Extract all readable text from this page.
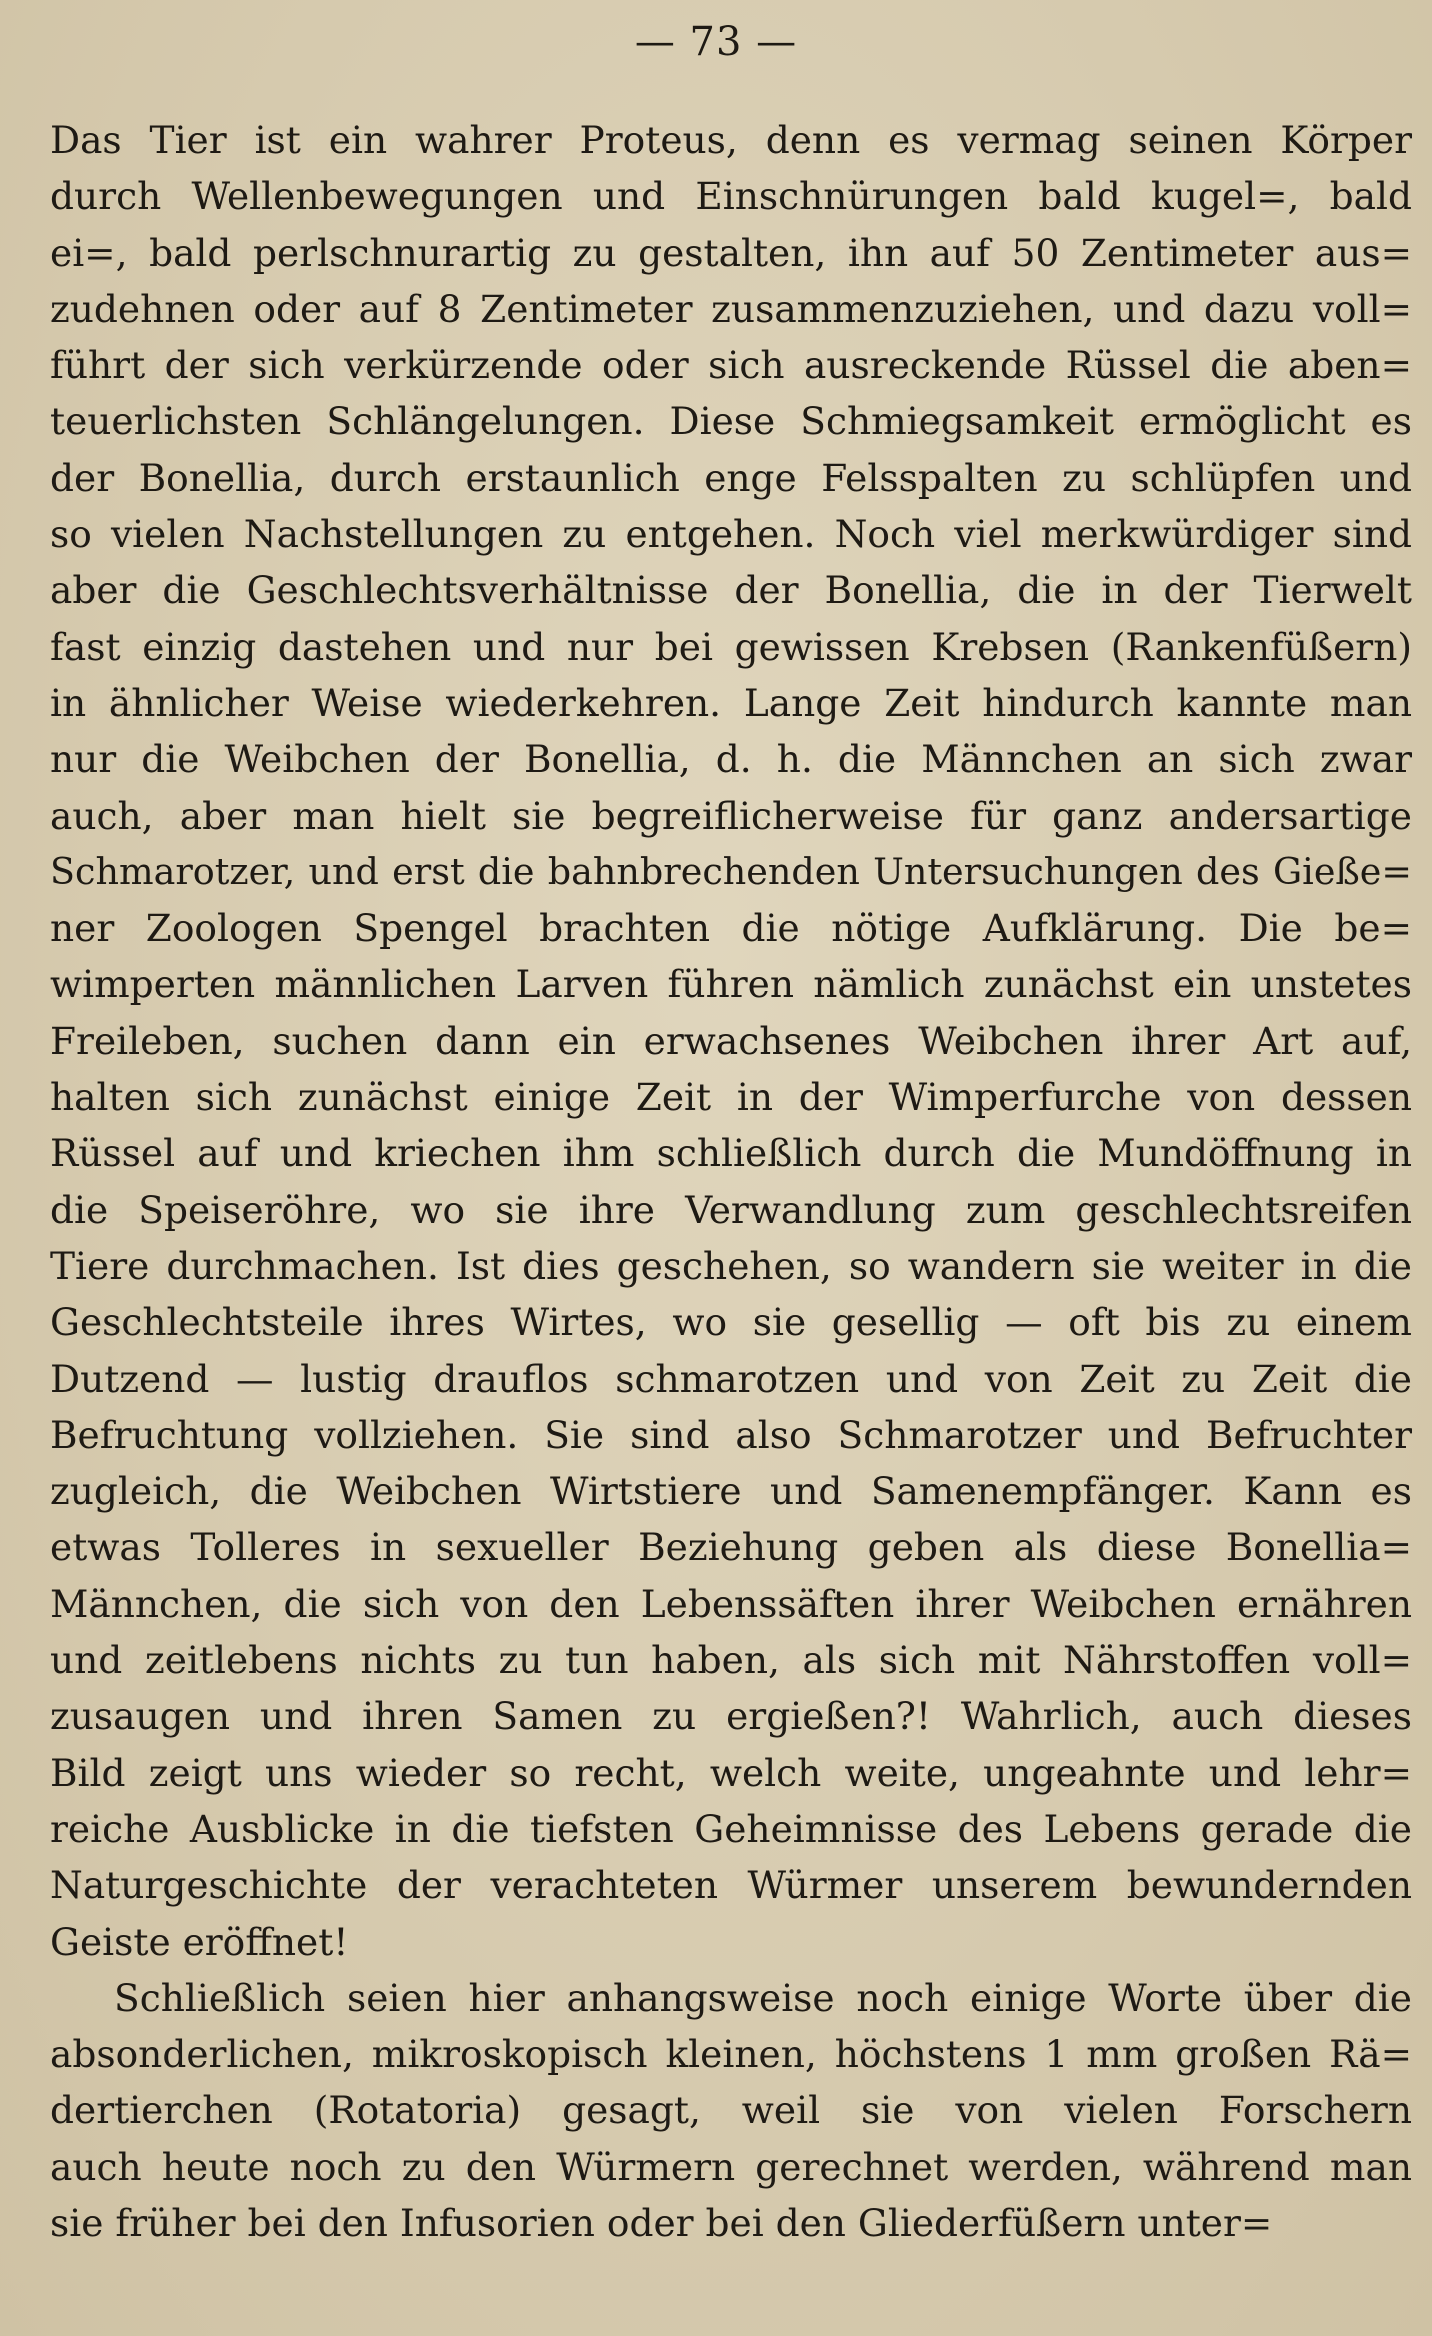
— 73 —
Das Tier ist ein wahrer Proteus, denn es vermag seinen Körper
durch Wellenbewegungen und Einschnürungen bald kugel=, bald
ei=, bald perlschnurartig zu gestalten, ihn auf 50 Zentimeter aus=
zudehnen oder auf 8 Zentimeter zusammenzuziehen, und dazu voll=
führt der sich verkürzende oder sich ausreckende Rüssel die aben=
teuerlichsten Schlängelungen. Diese Schmiegsamkeit ermöglicht es
der Bonellia, durch erstaunlich enge Felsspalten zu schlüpfen und
so vielen Nachstellungen zu entgehen. Noch viel merkwürdiger sind
aber die Geschlechtsverhältnisse der Bonellia, die in der Tierwelt
fast einzig dastehen und nur bei gewissen Krebsen (Rankenfüßern)
in ähnlicher Weise wiederkehren. Lange Zeit hindurch kannte man
nur die Weibchen der Bonellia, d. h. die Männchen an sich zwar
auch, aber man hielt sie begreiflicherweise für ganz andersartige
Schmarotzer, und erst die bahnbrechenden Untersuchungen des Gieße=
ner Zoologen Spengel brachten die nötige Aufklärung. Die be=
wimperten männlichen Larven führen nämlich zunächst ein unstetes
Freileben, suchen dann ein erwachsenes Weibchen ihrer Art auf,
halten sich zunächst einige Zeit in der Wimperfurche von dessen
Rüssel auf und kriechen ihm schließlich durch die Mundöffnung in
die Speiseröhre, wo sie ihre Verwandlung zum geschlechtsreifen
Tiere durchmachen. Ist dies geschehen, so wandern sie weiter in die
Geschlechtsteile ihres Wirtes, wo sie gesellig — oft bis zu einem
Dutzend — lustig drauflos schmarotzen und von Zeit zu Zeit die
Befruchtung vollziehen. Sie sind also Schmarotzer und Befruchter
zugleich, die Weibchen Wirtstiere und Samenempfänger. Kann es
etwas Tolleres in sexueller Beziehung geben als diese Bonellia=
Männchen, die sich von den Lebenssäften ihrer Weibchen ernähren
und zeitlebens nichts zu tun haben, als sich mit Nährstoffen voll=
zusaugen und ihren Samen zu ergießen?! Wahrlich, auch dieses
Bild zeigt uns wieder so recht, welch weite, ungeahnte und lehr=
reiche Ausblicke in die tiefsten Geheimnisse des Lebens gerade die
Naturgeschichte der verachteten Würmer unserem bewundernden
Geiste eröffnet!
Schließlich seien hier anhangsweise noch einige Worte über die
absonderlichen, mikroskopisch kleinen, höchstens 1 mm großen Rä=
dertierchen (Rotatoria) gesagt, weil sie von vielen Forschern
auch heute noch zu den Würmern gerechnet werden, während man
sie früher bei den Infusorien oder bei den Gliederfüßern unter=
